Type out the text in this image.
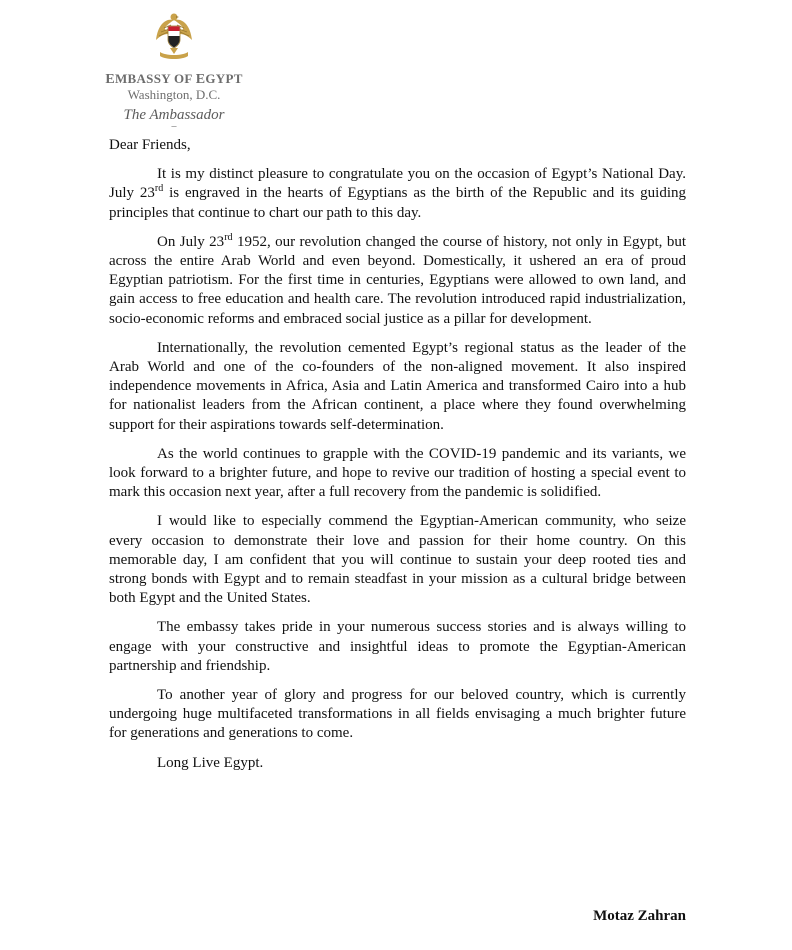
EMBASSY OF EGYPT
Washington, D.C.
The Ambassador
–

Dear Friends,

It is my distinct pleasure to congratulate you on the occasion of Egypt’s National Day. July 23rd is engraved in the hearts of Egyptians as the birth of the Republic and its guiding principles that continue to chart our path to this day.

On July 23rd 1952, our revolution changed the course of history, not only in Egypt, but across the entire Arab World and even beyond. Domestically, it ushered an era of proud Egyptian patriotism. For the first time in centuries, Egyptians were allowed to own land, and gain access to free education and health care. The revolution introduced rapid industrialization, socio-economic reforms and embraced social justice as a pillar for development.

Internationally, the revolution cemented Egypt’s regional status as the leader of the Arab World and one of the co-founders of the non-aligned movement. It also inspired independence movements in Africa, Asia and Latin America and transformed Cairo into a hub for nationalist leaders from the African continent, a place where they found overwhelming support for their aspirations towards self-determination.

As the world continues to grapple with the COVID-19 pandemic and its variants, we look forward to a brighter future, and hope to revive our tradition of hosting a special event to mark this occasion next year, after a full recovery from the pandemic is solidified.

I would like to especially commend the Egyptian-American community, who seize every occasion to demonstrate their love and passion for their home country. On this memorable day, I am confident that you will continue to sustain your deep rooted ties and strong bonds with Egypt and to remain steadfast in your mission as a cultural bridge between both Egypt and the United States.

The embassy takes pride in your numerous success stories and is always willing to engage with your constructive and insightful ideas to promote the Egyptian-American partnership and friendship.

To another year of glory and progress for our beloved country, which is currently undergoing huge multifaceted transformations in all fields envisaging a much brighter future for generations and generations to come.

Long Live Egypt.

Motaz Zahran
